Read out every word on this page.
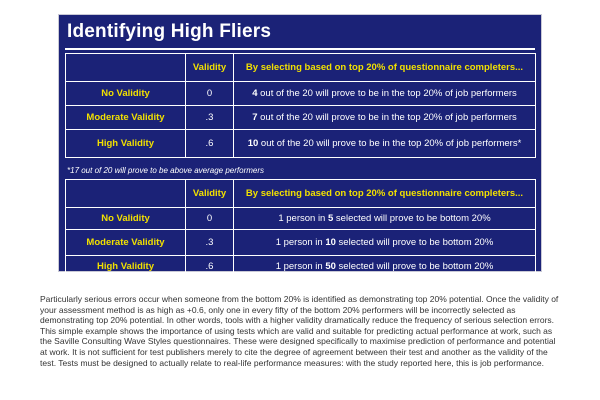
Identifying High Fliers
	Validity	By selecting based on top 20% of questionnaire completers...
No Validity	0	4 out of the 20 will prove to be in the top 20% of job performers
Moderate Validity	.3	7 out of the 20 will prove to be in the top 20% of job performers
High Validity	.6	10 out of the 20 will prove to be in the top 20% of job performers*
*17 out of 20 will prove to be above average performers
	Validity	By selecting based on top 20% of questionnaire completers...
No Validity	0	1 person in 5 selected will prove to be bottom 20%
Moderate Validity	.3	1 person in 10 selected will prove to be bottom 20%
High Validity	.6	1 person in 50 selected will prove to be bottom 20%
Particularly serious errors occur when someone from the bottom 20% is identified as demonstrating top 20% potential. Once the validity of your assessment method is as high as +0.6, only one in every fifty of the bottom 20% performers will be incorrectly selected as demonstrating top 20% potential. In other words, tools with a higher validity dramatically reduce the frequency of serious selection errors. This simple example shows the importance of using tests which are valid and suitable for predicting actual performance at work, such as the Saville Consulting Wave Styles questionnaires. These were designed specifically to maximise prediction of performance and potential at work. It is not sufficient for test publishers merely to cite the degree of agreement between their test and another as the validity of the test. Tests must be designed to actually relate to real-life performance measures: with the study reported here, this is job performance.
